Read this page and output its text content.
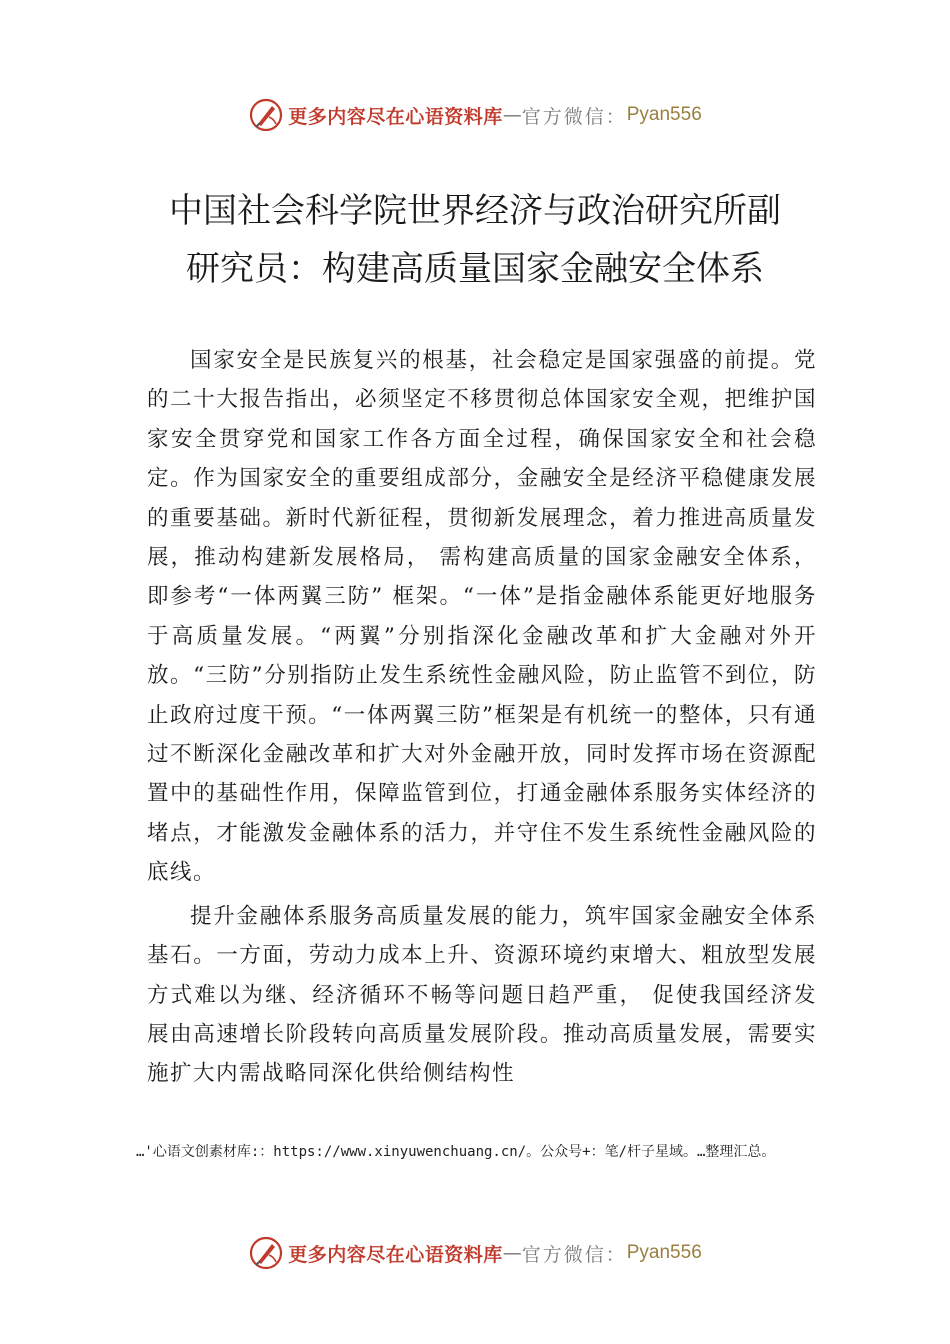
更多内容尽在心语资料库 — 官方微信： Pyan556
中国社会科学院世界经济与政治研究所副
研究员：构建高质量国家金融安全体系

国家安全是民族复兴的根基，社会稳定是国家强盛的前提。党的二十大报告指出，必须坚定不移贯彻总体国家安全观，把维护国家安全贯穿党和国家工作各方面全过程，确保国家安全和社会稳定。作为国家安全的重要组成部分，金融安全是经济平稳健康发展的重要基础。新时代新征程，贯彻新发展理念，着力推进高质量发展，推动构建新发展格局， 需构建高质量的国家金融安全体系，即参考“一体两翼三防” 框架。“一体”是指金融体系能更好地服务于高质量发展。“两翼”分别指深化金融改革和扩大金融对外开放。“三防”分别指防止发生系统性金融风险，防止监管不到位，防止政府过度干预。“一体两翼三防”框架是有机统一的整体，只有通过不断深化金融改革和扩大对外金融开放，同时发挥市场在资源配置中的基础性作用，保障监管到位，打通金融体系服务实体经济的堵点，才能激发金融体系的活力，并守住不发生系统性金融风险的底线。

提升金融体系服务高质量发展的能力，筑牢国家金融安全体系基石。一方面，劳动力成本上升、资源环境约束增大、粗放型发展方式难以为继、经济循环不畅等问题日趋严重， 促使我国经济发展由高速增长阶段转向高质量发展阶段。推动高质量发展，需要实施扩大内需战略同深化供给侧结构性

…'心语文创素材库:：https://www.xinyuwenchuang.cn/。公众号+：笔/杆子星域。…整理汇总。
更多内容尽在心语资料库 — 官方微信： Pyan556
